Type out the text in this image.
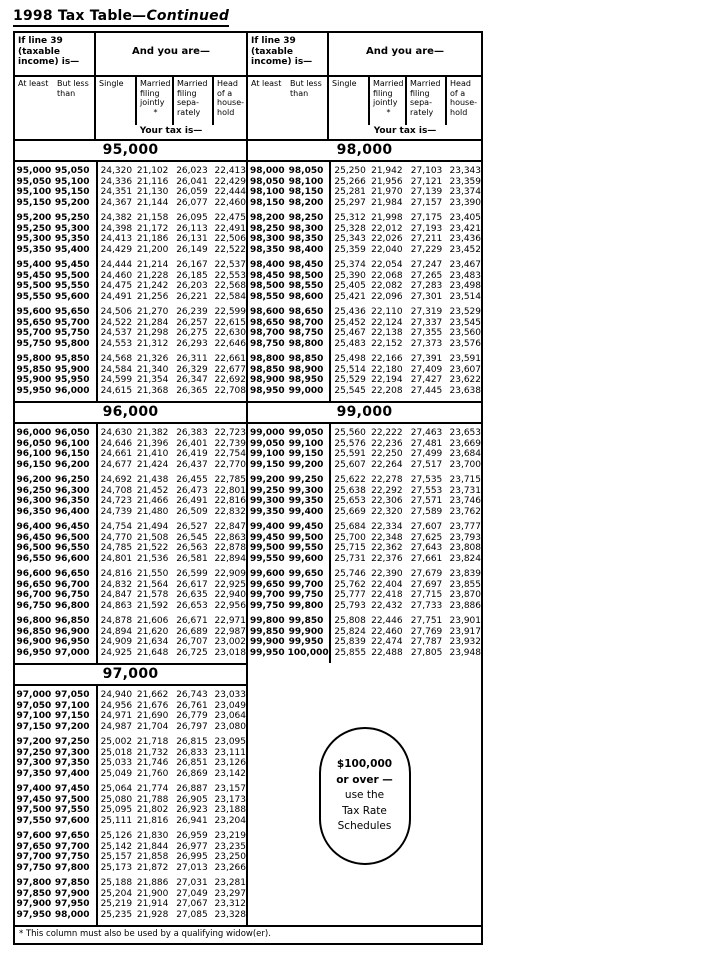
1998 Tax Table—Continued
If line 39 (taxable income) is—
And you are—
At least	But less than
Single	Married filing jointly
*
Married filing sepa-rately
Head of a house-hold
Your tax is—
95,000
95,000 95,050	24,320 21,102 26,023 22,413
95,050 95,100	24,336 21,116 26,041 22,429
95,100 95,150	24,351 21,130 26,059 22,444
95,150 95,200	24,367 21,144 26,077 22,460
95,200 95,250	24,382 21,158 26,095 22,475
95,250 95,300	24,398 21,172 26,113 22,491
95,300 95,350	24,413 21,186 26,131 22,506
95,350 95,400	24,429 21,200 26,149 22,522
95,400 95,450	24,444 21,214 26,167 22,537
95,450 95,500	24,460 21,228 26,185 22,553
95,500 95,550	24,475 21,242 26,203 22,568
95,550 95,600	24,491 21,256 26,221 22,584
95,600 95,650	24,506 21,270 26,239 22,599
95,650 95,700	24,522 21,284 26,257 22,615
95,700 95,750	24,537 21,298 26,275 22,630
95,750 95,800	24,553 21,312 26,293 22,646
95,800 95,850	24,568 21,326 26,311 22,661
95,850 95,900	24,584 21,340 26,329 22,677
95,900 95,950	24,599 21,354 26,347 22,692
95,950 96,000	24,615 21,368 26,365 22,708
96,000
96,000 96,050	24,630 21,382 26,383 22,723
96,050 96,100	24,646 21,396 26,401 22,739
96,100 96,150	24,661 21,410 26,419 22,754
96,150 96,200	24,677 21,424 26,437 22,770
96,200 96,250	24,692 21,438 26,455 22,785
96,250 96,300	24,708 21,452 26,473 22,801
96,300 96,350	24,723 21,466 26,491 22,816
96,350 96,400	24,739 21,480 26,509 22,832
96,400 96,450	24,754 21,494 26,527 22,847
96,450 96,500	24,770 21,508 26,545 22,863
96,500 96,550	24,785 21,522 26,563 22,878
96,550 96,600	24,801 21,536 26,581 22,894
96,600 96,650	24,816 21,550 26,599 22,909
96,650 96,700	24,832 21,564 26,617 22,925
96,700 96,750	24,847 21,578 26,635 22,940
96,750 96,800	24,863 21,592 26,653 22,956
96,800 96,850	24,878 21,606 26,671 22,971
96,850 96,900	24,894 21,620 26,689 22,987
96,900 96,950	24,909 21,634 26,707 23,002
96,950 97,000	24,925 21,648 26,725 23,018
97,000
97,000 97,050	24,940 21,662 26,743 23,033
97,050 97,100	24,956 21,676 26,761 23,049
97,100 97,150	24,971 21,690 26,779 23,064
97,150 97,200	24,987 21,704 26,797 23,080
97,200 97,250	25,002 21,718 26,815 23,095
97,250 97,300	25,018 21,732 26,833 23,111
97,300 97,350	25,033 21,746 26,851 23,126
97,350 97,400	25,049 21,760 26,869 23,142
97,400 97,450	25,064 21,774 26,887 23,157
97,450 97,500	25,080 21,788 26,905 23,173
97,500 97,550	25,095 21,802 26,923 23,188
97,550 97,600	25,111 21,816 26,941 23,204
97,600 97,650	25,126 21,830 26,959 23,219
97,650 97,700	25,142 21,844 26,977 23,235
97,700 97,750	25,157 21,858 26,995 23,250
97,750 97,800	25,173 21,872 27,013 23,266
97,800 97,850	25,188 21,886 27,031 23,281
97,850 97,900	25,204 21,900 27,049 23,297
97,900 97,950	25,219 21,914 27,067 23,312
97,950 98,000	25,235 21,928 27,085 23,328
If line 39 (taxable income) is—
And you are—
At least	But less than
Single	Married filing jointly
*
Married filing sepa-rately
Head of a house-hold
Your tax is—
98,000
98,000 98,050	25,250 21,942 27,103 23,343
98,050 98,100	25,266 21,956 27,121 23,359
98,100 98,150	25,281 21,970 27,139 23,374
98,150 98,200	25,297 21,984 27,157 23,390
98,200 98,250	25,312 21,998 27,175 23,405
98,250 98,300	25,328 22,012 27,193 23,421
98,300 98,350	25,343 22,026 27,211 23,436
98,350 98,400	25,359 22,040 27,229 23,452
98,400 98,450	25,374 22,054 27,247 23,467
98,450 98,500	25,390 22,068 27,265 23,483
98,500 98,550	25,405 22,082 27,283 23,498
98,550 98,600	25,421 22,096 27,301 23,514
98,600 98,650	25,436 22,110 27,319 23,529
98,650 98,700	25,452 22,124 27,337 23,545
98,700 98,750	25,467 22,138 27,355 23,560
98,750 98,800	25,483 22,152 27,373 23,576
98,800 98,850	25,498 22,166 27,391 23,591
98,850 98,900	25,514 22,180 27,409 23,607
98,900 98,950	25,529 22,194 27,427 23,622
98,950 99,000	25,545 22,208 27,445 23,638
99,000
99,000 99,050	25,560 22,222 27,463 23,653
99,050 99,100	25,576 22,236 27,481 23,669
99,100 99,150	25,591 22,250 27,499 23,684
99,150 99,200	25,607 22,264 27,517 23,700
99,200 99,250	25,622 22,278 27,535 23,715
99,250 99,300	25,638 22,292 27,553 23,731
99,300 99,350	25,653 22,306 27,571 23,746
99,350 99,400	25,669 22,320 27,589 23,762
99,400 99,450	25,684 22,334 27,607 23,777
99,450 99,500	25,700 22,348 27,625 23,793
99,500 99,550	25,715 22,362 27,643 23,808
99,550 99,600	25,731 22,376 27,661 23,824
99,600 99,650	25,746 22,390 27,679 23,839
99,650 99,700	25,762 22,404 27,697 23,855
99,700 99,750	25,777 22,418 27,715 23,870
99,750 99,800	25,793 22,432 27,733 23,886
99,800 99,850	25,808 22,446 27,751 23,901
99,850 99,900	25,824 22,460 27,769 23,917
99,900 99,950	25,839 22,474 27,787 23,932
99,950 100,000 25,855 22,488 27,805 23,948
$100,000
or over —
use the
Tax Rate
Schedules
* This column must also be used by a qualifying widow(er).
